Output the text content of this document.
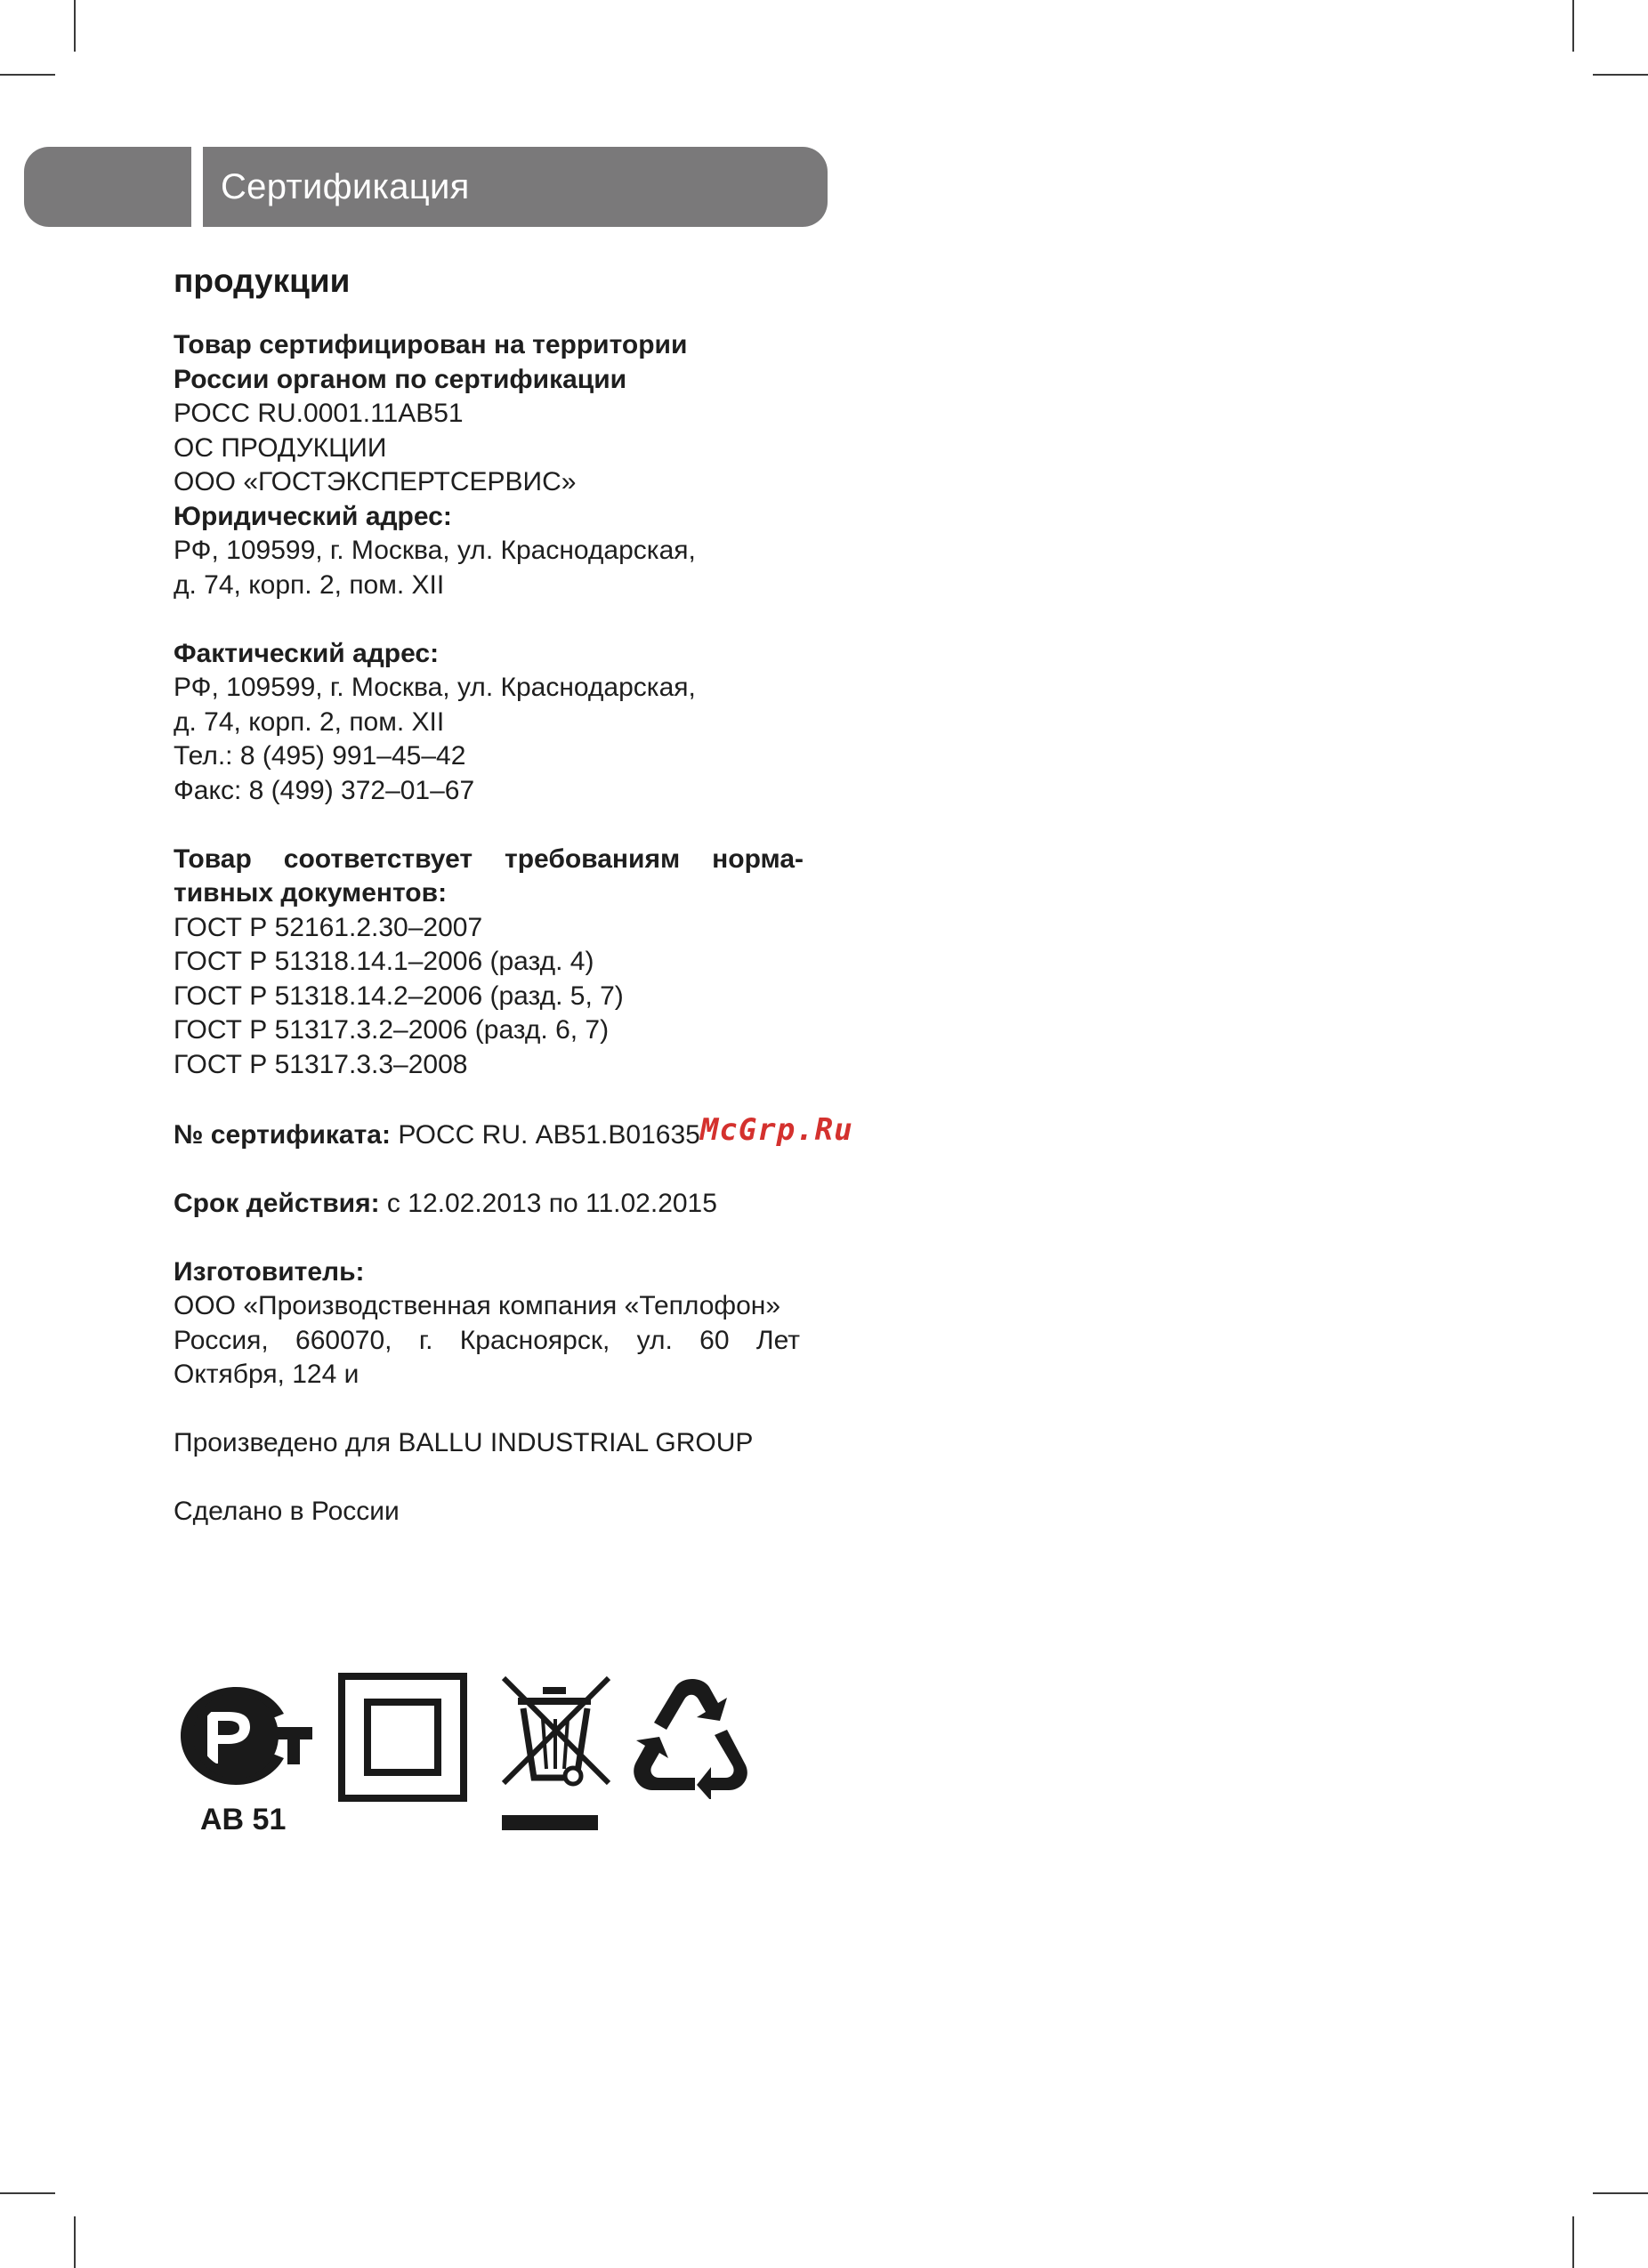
Сертификация
продукции
Товар сертифицирован на территории
России органом по сертификации
РОСС RU.0001.11АВ51
ОС ПРОДУКЦИИ
ООО «ГОСТЭКСПЕРТСЕРВИС»
Юридический адрес:
РФ, 109599, г. Москва, ул. Краснодарская,
д. 74, корп. 2, пом. XII
Фактический адрес:
РФ, 109599, г. Москва, ул. Краснодарская,
д. 74, корп. 2, пом. XII
Тел.: 8 (495) 991–45–42
Факс: 8 (499) 372–01–67
Товар соответствует требованиям норма-
тивных документов:
ГОСТ Р 52161.2.30–2007
ГОСТ Р 51318.14.1–2006 (разд. 4)
ГОСТ Р 51318.14.2–2006 (разд. 5, 7)
ГОСТ Р 51317.3.2–2006 (разд. 6, 7)
ГОСТ Р 51317.3.3–2008
№ сертификата: РОСС RU. АВ51.В01635McGrp.Ru
Срок действия: с 12.02.2013 по 11.02.2015
Изготовитель:
ООО «Производственная компания «Теплофон»
Россия, 660070, г. Красноярск, ул. 60 Лет
Октября, 124 и
Произведено для BALLU INDUSTRIAL GROUP
Сделано в России
AB 51
